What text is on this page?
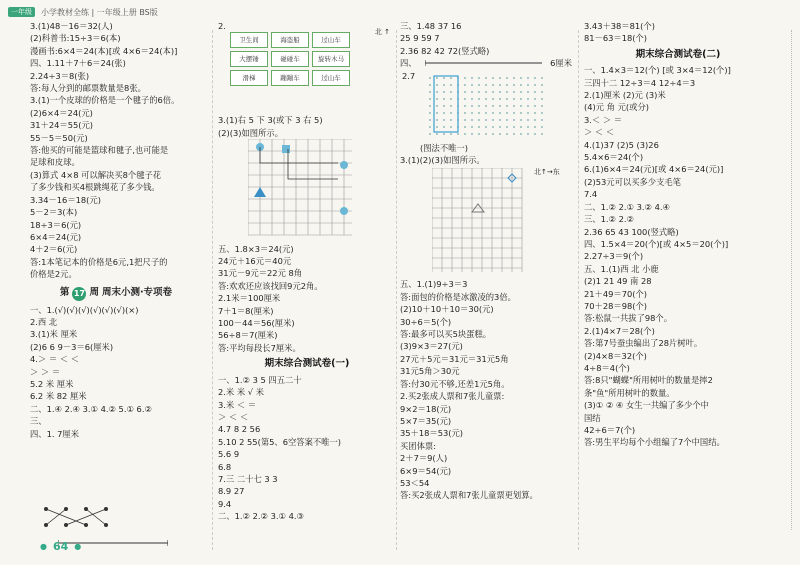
一年级	小学教材全练 | 一年级上册 BS版
3.(1)48－16＝32(人)
(2)科普书:15÷3＝6(本)
漫画书:6×4＝24(本)[或 4×6＝24(本)]
四、1.11＋7＋6＝24(张)
2.24÷3＝8(张)
答:每人分到的邮票数量是8张。
3.(1)一个皮球的价格是一个毽子的6倍。
(2)6×4＝24(元)
31＋24＝55(元)
55－5＝50(元)
答:他买的可能是篮球和毽子,也可能是
足球和皮球。
(3)算式 4×8 可以解决买8个毽子花
了多少钱和买4根跳绳花了多少钱。
3.34－16＝18(元)
5－2＝3(本)
18÷3＝6(元)
6×4＝24(元)
4＋2＝6(元)
答:1本笔记本的价格是6元,1把尺子的
价格是2元。
第 17 周 周末小测·专项卷
一、1.(√)(√)(√)(√)(√)(√)(×)
2.西 北
3.(1)米 厘米
(2)6 6 9－3＝6(厘米)
4.＞ ＝ ＜ ＜
＞ ＞ ＝
5.2 米 厘米
6.2 米 82 厘米
二、1.④ 2.④ 3.① 4.② 5.① 6.②
三、
四、1. 7厘米
2.
卫生间	海盗船	过山车
大摆锤	碰碰车	旋转木马
滑梯	蹦蹦车	过山车
北 ↑
3.(1)右 5 下 3(或下 3 右 5)
(2)(3)如图所示。
五、1.8×3＝24(元)
24元＋16元＝40元
31元－9元＝22元 8角
答:欢欢还应该找回9元2角。
2.1米＝100厘米
7＋1＝8(厘米)
100－44＝56(厘米)
56÷8＝7(厘米)
答:平均每段长7厘米。
期末综合测试卷(一)
一、1.② 3 5 四五二十
2.米 米 √ 米
3.米 ＜ ＝
＞ ＜ ＜
4.7 8 2 56
5.10 2 55(第5、6空答案不唯一)
5.6 9
6.8
7.三 二十七 3 3
8.9 27
9.4
二、1.② 2.② 3.① 4.③
三、1.48 37 16
25 9 59 7
2.36 82 42 72(竖式略)
四、	6厘米
2.7
(图法不唯一)
3.(1)(2)(3)如图所示。
北↑→东
五、1.(1)9÷3＝3
答:面包的价格是冰激凌的3倍。
(2)10＋10＋10＝30(元)
30÷6＝5(个)
答:最多可以买5块蛋糕。
(3)9×3＝27(元)
27元＋5元＝31元＝31元5角
31元5角＞30元
答:付30元不够,还差1元5角。
2.买2张成人票和7张儿童票:
9×2＝18(元)
5×7＝35(元)
35＋18＝53(元)
买团体票:
2＋7＝9(人)
6×9＝54(元)
53＜54
答:买2张成人票和7张儿童票更划算。
3.43＋38＝81(个)
81－63＝18(个)
期末综合测试卷(二)
一、1.4×3＝12(个) [或 3×4＝12(个)]
三四十二 12÷3＝4 12÷4＝3
2.(1)厘米 (2)元 (3)米
(4)元 角 元(或分)
3.＜ ＞ ＝
＞ ＜ ＜
4.(1)37 (2)5 (3)26
5.4×6＝24(个)
6.(1)6×4＝24(元)[或 4×6＝24(元)]
(2)53元可以买多少支毛笔
7.4
二、1.② 2.① 3.② 4.④
三、1.② 2.②
2.36 65 43 100(竖式略)
四、1.5×4＝20(个)[或 4×5＝20(个)]
2.27÷3＝9(个)
五、1.(1)西 北 小鹿
(2)1 21 49 南 28
21＋49＝70(个)
70＋28＝98(个)
答:松鼠一共拔了98个。
2.(1)4×7＝28(个)
答:第7号蚕虫编出了28片树叶。
(2)4×8＝32(个)
4÷8＝4(个)
答:8只"蝴蝶"所用树叶的数量是摔2
条"鱼"所用树叶的数量。
(3)① ② ④ 女生一共编了多少个中
国结
42÷6＝7(个)
答:男生平均每个小组编了7个中国结。
● 64 ●
